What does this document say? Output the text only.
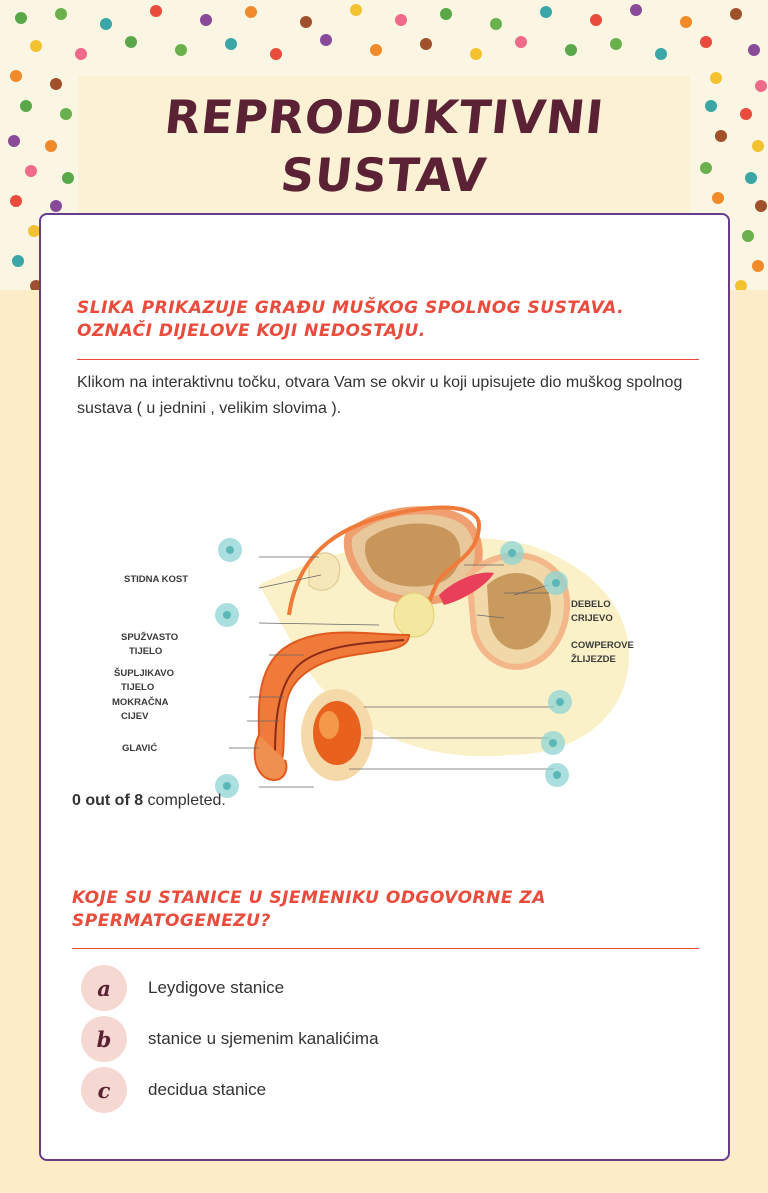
REPRODUKTIVNI
SUSTAV
SLIKA PRIKAZUJE GRAĐU MUŠKOG SPOLNOG SUSTAVA.
OZNAČI DIJELOVE KOJI NEDOSTAJU.
Klikom na interaktivnu točku, otvara Vam se okvir u koji upisujete dio muškog spolnog sustava ( u jednini , velikim slovima ).
STIDNA KOST
SPUŽVASTO
TIJELO
ŠUPLJIKAVO
TIJELO
MOKRAČNA
CIJEV
GLAVIĆ
DEBELO
CRIJEVO
COWPEROVE
ŽLIJEZDE
0 out of 8 completed.
KOJE SU STANICE U SJEMENIKU ODGOVORNE ZA
SPERMATOGENEZU?
a	Leydigove stanice
b	stanice u sjemenim kanalićima
c	decidua stanice
